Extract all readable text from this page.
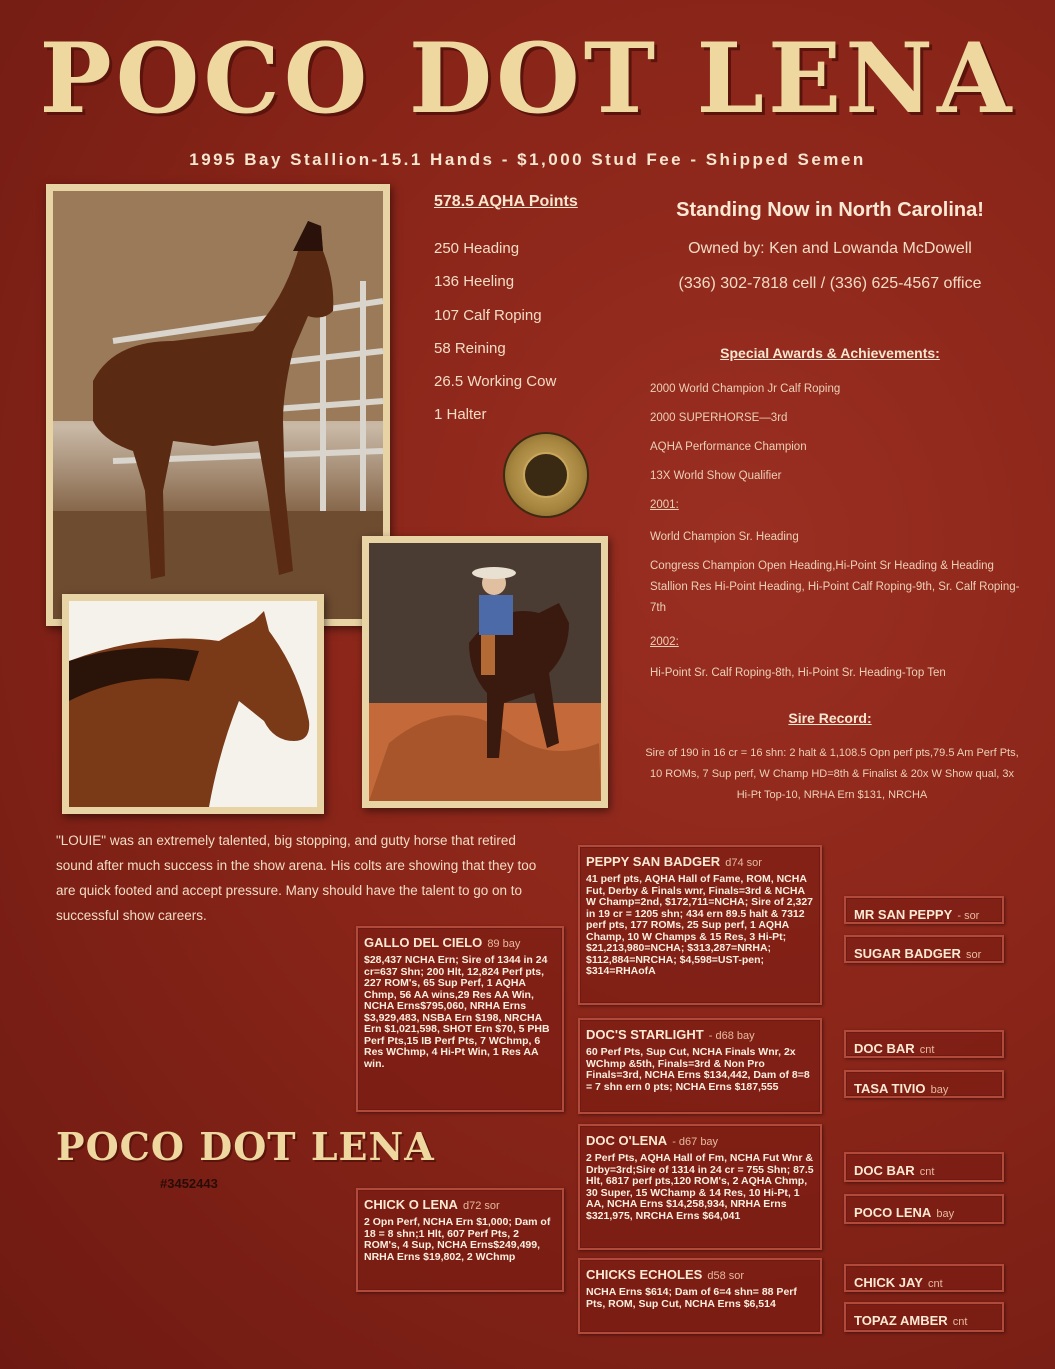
POCO DOT LENA
1995 Bay Stallion-15.1 Hands - $1,000 Stud Fee - Shipped Semen
578.5 AQHA Points
250 Heading
136 Heeling
107 Calf Roping
58 Reining
26.5 Working Cow
1 Halter
Standing Now in North Carolina!
Owned by: Ken and Lowanda McDowell
(336) 302-7818 cell / (336) 625-4567 office
Special Awards & Achievements:
2000 World Champion Jr Calf Roping
2000 SUPERHORSE—3rd
AQHA Performance Champion
13X World Show Qualifier
2001:
World Champion Sr. Heading
Congress Champion Open Heading,Hi-Point Sr Heading & Heading Stallion Res Hi-Point Heading, Hi-Point Calf Roping-9th, Sr. Calf Roping-7th
2002:
Hi-Point Sr. Calf Roping-8th, Hi-Point Sr. Heading-Top Ten
Sire Record:
Sire of 190 in 16 cr = 16 shn: 2 halt & 1,108.5 Opn perf pts,79.5 Am Perf Pts, 10 ROMs, 7 Sup perf, W Champ HD=8th & Finalist & 20x W Show qual, 3x Hi-Pt Top-10, NRHA Ern $131, NRCHA
"LOUIE" was an extremely talented, big stopping, and gutty horse that retired sound after much success in the show arena. His colts are showing that they too are quick footed and accept pressure. Many should have the talent to go on to successful show careers.
POCO DOT LENA
#3452443
GALLO DEL CIELO 89 bay
$28,437 NCHA Ern; Sire of 1344 in 24 cr=637 Shn; 200 Hlt, 12,824 Perf pts, 227 ROM's, 65 Sup Perf, 1 AQHA Chmp, 56 AA wins,29 Res AA Win, NCHA Erns$795,060, NRHA Erns $3,929,483, NSBA Ern $198, NRCHA Ern $1,021,598, SHOT Ern $70, 5 PHB Perf Pts,15 IB Perf Pts, 7 WChmp, 6 Res WChmp, 4 Hi-Pt Win, 1 Res AA win.
CHICK O LENA d72 sor
2 Opn Perf, NCHA Ern $1,000; Dam of 18 = 8 shn;1 Hlt, 607 Perf Pts, 2 ROM's, 4 Sup, NCHA Erns$249,499, NRHA Erns $19,802, 2 WChmp
PEPPY SAN BADGER d74 sor
41 perf pts, AQHA Hall of Fame, ROM, NCHA Fut, Derby & Finals wnr, Finals=3rd & NCHA W Champ=2nd, $172,711=NCHA; Sire of 2,327 in 19 cr = 1205 shn; 434 ern 89.5 halt & 7312 perf pts, 177 ROMs, 25 Sup perf, 1 AQHA Champ, 10 W Champs & 15 Res, 3 Hi-Pt; $21,213,980=NCHA; $313,287=NRHA; $112,884=NRCHA; $4,598=UST-pen; $314=RHAofA
DOC'S STARLIGHT - d68 bay
60 Perf Pts, Sup Cut, NCHA Finals Wnr, 2x WChmp &5th, Finals=3rd & Non Pro Finals=3rd, NCHA Erns $134,442, Dam of 8=8 = 7 shn ern 0 pts; NCHA Erns $187,555
DOC O'LENA - d67 bay
2 Perf Pts, AQHA Hall of Fm, NCHA Fut Wnr & Drby=3rd;Sire of 1314 in 24 cr = 755 Shn; 87.5 Hlt, 6817 perf pts,120 ROM's, 2 AQHA Chmp, 30 Super, 15 WChamp & 14 Res, 10 Hi-Pt, 1 AA, NCHA Erns $14,258,934, NRHA Erns $321,975, NRCHA Erns $64,041
CHICKS ECHOLES d58 sor
NCHA Erns $614; Dam of 6=4 shn= 88 Perf Pts, ROM, Sup Cut, NCHA Erns $6,514
MR SAN PEPPY - sor
SUGAR BADGER sor
DOC BAR cnt
TASA TIVIO bay
DOC BAR cnt
POCO LENA bay
CHICK JAY cnt
TOPAZ AMBER cnt
